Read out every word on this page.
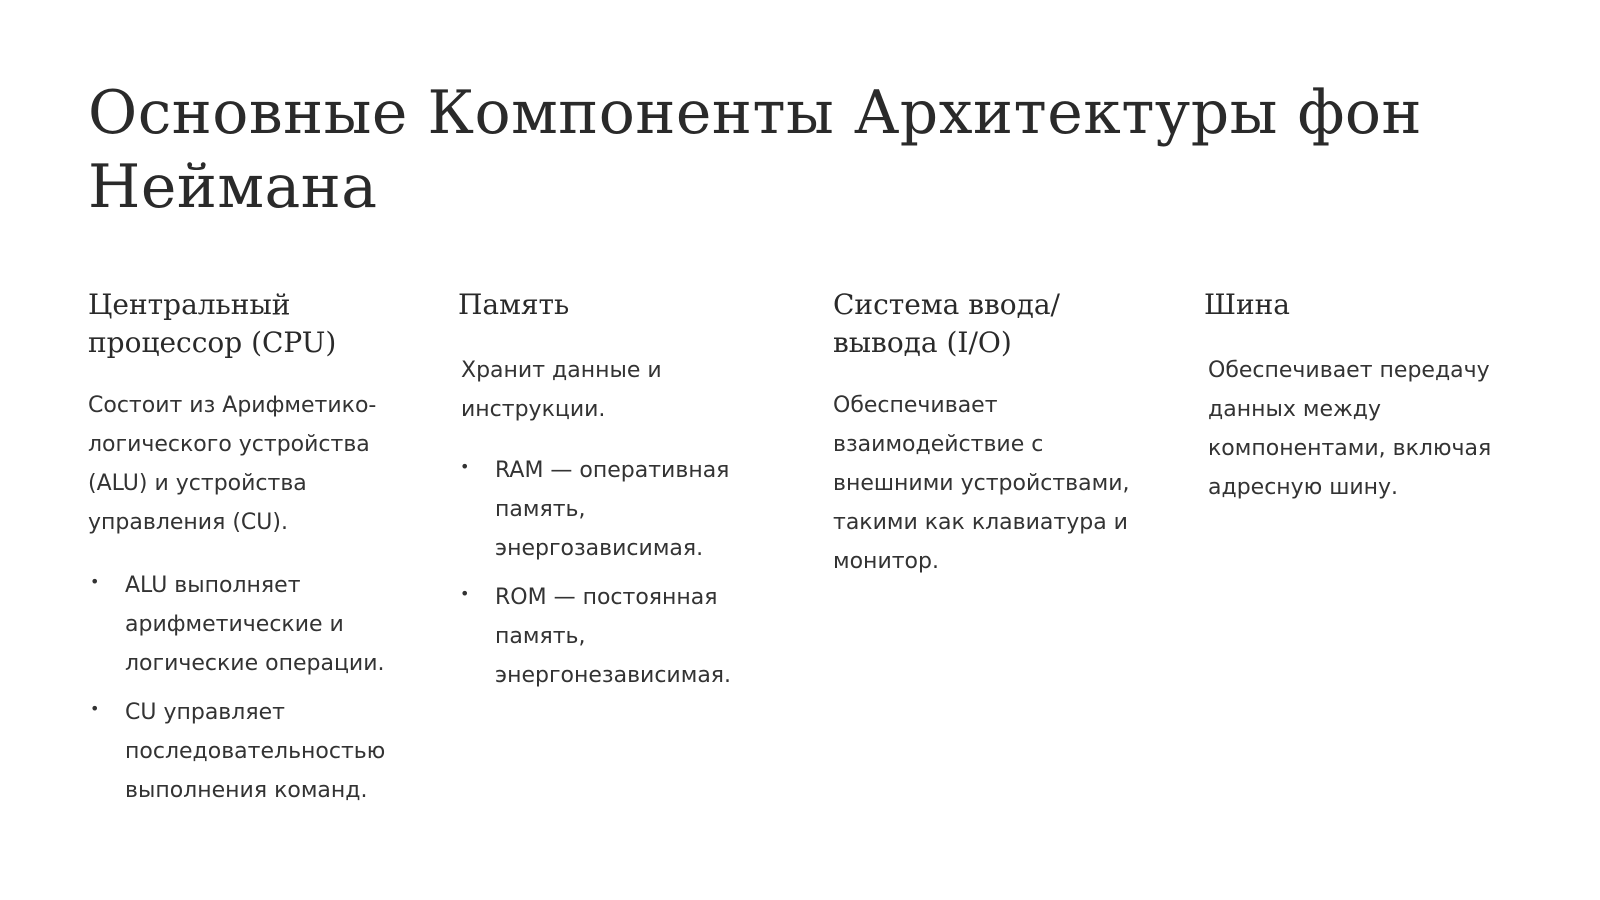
Основные Компоненты Архитектуры фон Неймана
Центральный процессор (CPU)

Состоит из Арифметико-логического устройства (ALU) и устройства управления (CU).

• ALU выполняет арифметические и логические операции.
• CU управляет последовательностью выполнения команд.
Память

Хранит данные и инструкции.

• RAM — оперативная память, энергозависимая.
• ROM — постоянная память, энергонезависимая.
Система ввода/вывода (I/O)

Обеспечивает взаимодействие с внешними устройствами, такими как клавиатура и монитор.

Шина

Обеспечивает передачу данных между компонентами, включая адресную шину.
